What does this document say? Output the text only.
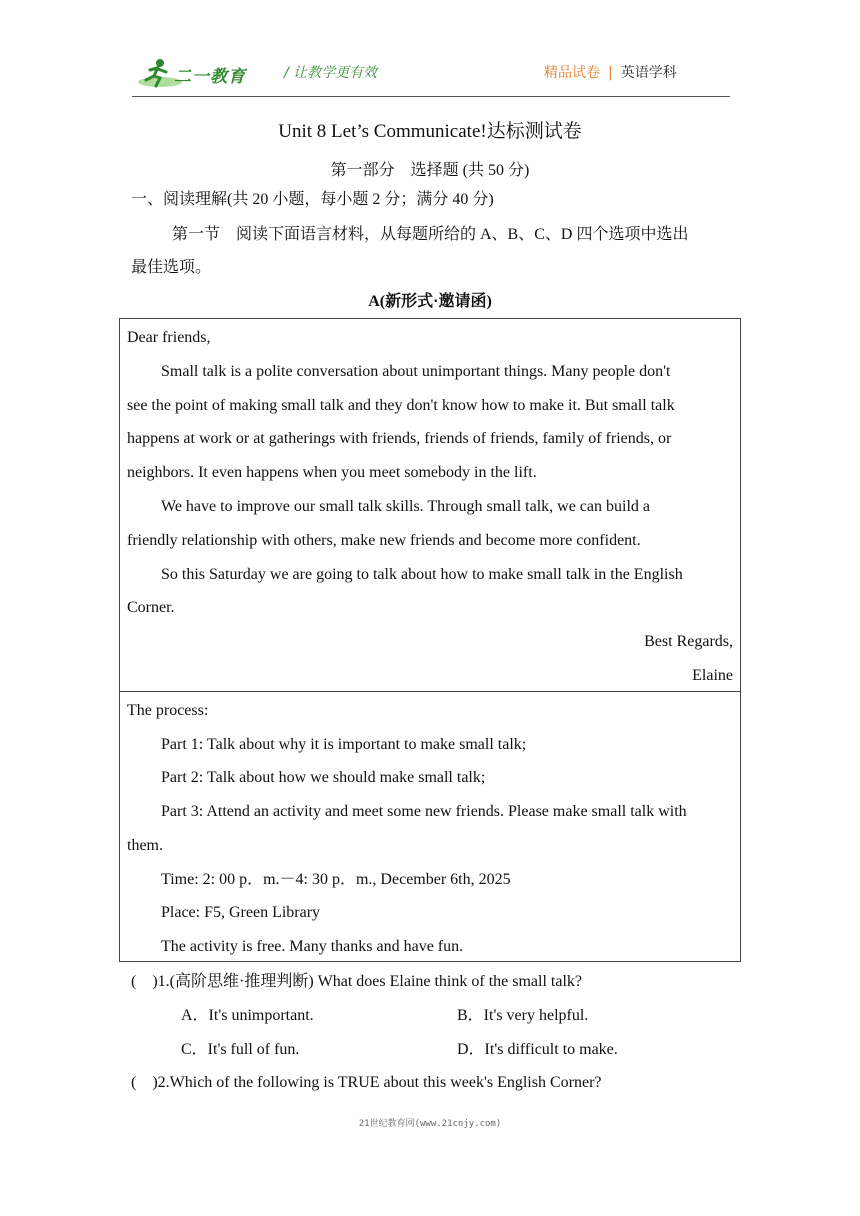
二一教育	/ 让教学更有效	精品试卷 | 英语学科
Unit 8 Let’s Communicate!达标测试卷
第一部分　选择题 (共 50 分)
一、阅读理解(共 20 小题，每小题 2 分；满分 40 分)
第一节　阅读下面语言材料，从每题所给的 A、B、C、D 四个选项中选出
最佳选项。
A(新形式·邀请函)
Dear friends,
Small talk is a polite conversation about unimportant things. Many people don't
see the point of making small talk and they don't know how to make it. But small talk
happens at work or at gatherings with friends, friends of friends, family of friends, or
neighbors. It even happens when you meet somebody in the lift.
We have to improve our small talk skills. Through small talk, we can build a
friendly relationship with others, make new friends and become more confident.
So this Saturday we are going to talk about how to make small talk in the English
Corner.
Best Regards,
Elaine
The process:
Part 1: Talk about why it is important to make small talk;
Part 2: Talk about how we should make small talk;
Part 3: Attend an activity and meet some new friends. Please make small talk with
them.
Time: 2: 00 p．m.－4: 30 p．m., December 6th, 2025
Place: F5, Green Library
The activity is free. Many thanks and have fun.
(　)1.(高阶思维·推理判断) What does Elaine think of the small talk?
A．It's unimportant.	B．It's very helpful.
C．It's full of fun.	D．It's difficult to make.
(　)2.Which of the following is TRUE about this week's English Corner?
21世纪教育网(www.21cnjy.com)
